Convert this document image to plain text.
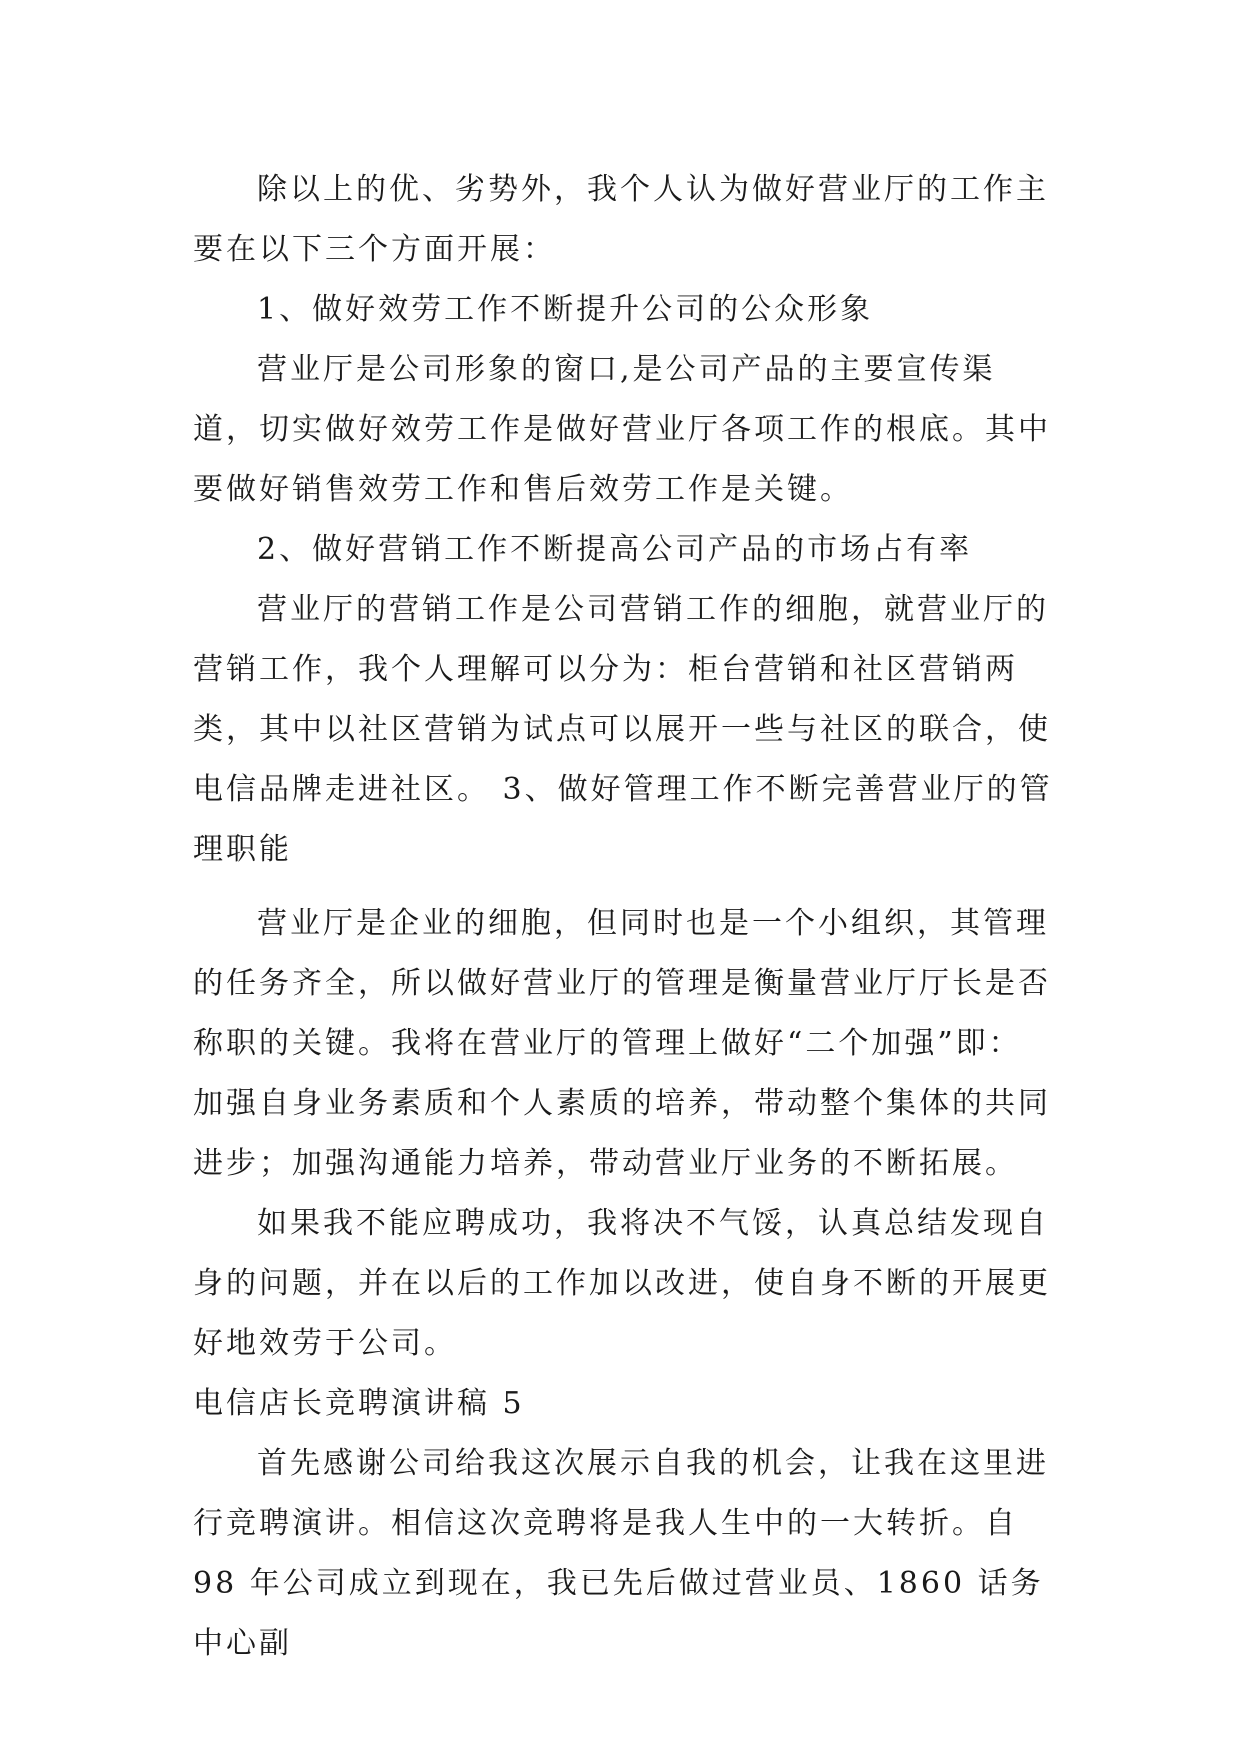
除以上的优、劣势外，我个人认为做好营业厅的工作主要在以下三个方面开展：

1、做好效劳工作不断提升公司的公众形象

营业厅是公司形象的窗口,是公司产品的主要宣传渠道，切实做好效劳工作是做好营业厅各项工作的根底。其中要做好销售效劳工作和售后效劳工作是关键。

2、做好营销工作不断提高公司产品的市场占有率

营业厅的营销工作是公司营销工作的细胞，就营业厅的营销工作，我个人理解可以分为：柜台营销和社区营销两类，其中以社区营销为试点可以展开一些与社区的联合，使电信品牌走进社区。 3、做好管理工作不断完善营业厅的管理职能

营业厅是企业的细胞，但同时也是一个小组织，其管理的任务齐全，所以做好营业厅的管理是衡量营业厅厅长是否称职的关键。我将在营业厅的管理上做好“二个加强”即：加强自身业务素质和个人素质的培养，带动整个集体的共同进步；加强沟通能力培养，带动营业厅业务的不断拓展。

如果我不能应聘成功，我将决不气馁，认真总结发现自身的问题，并在以后的工作加以改进，使自身不断的开展更好地效劳于公司。

电信店长竞聘演讲稿 5

首先感谢公司给我这次展示自我的机会，让我在这里进行竞聘演讲。相信这次竞聘将是我人生中的一大转折。自 98 年公司成立到现在，我已先后做过营业员、1860 话务中心副
